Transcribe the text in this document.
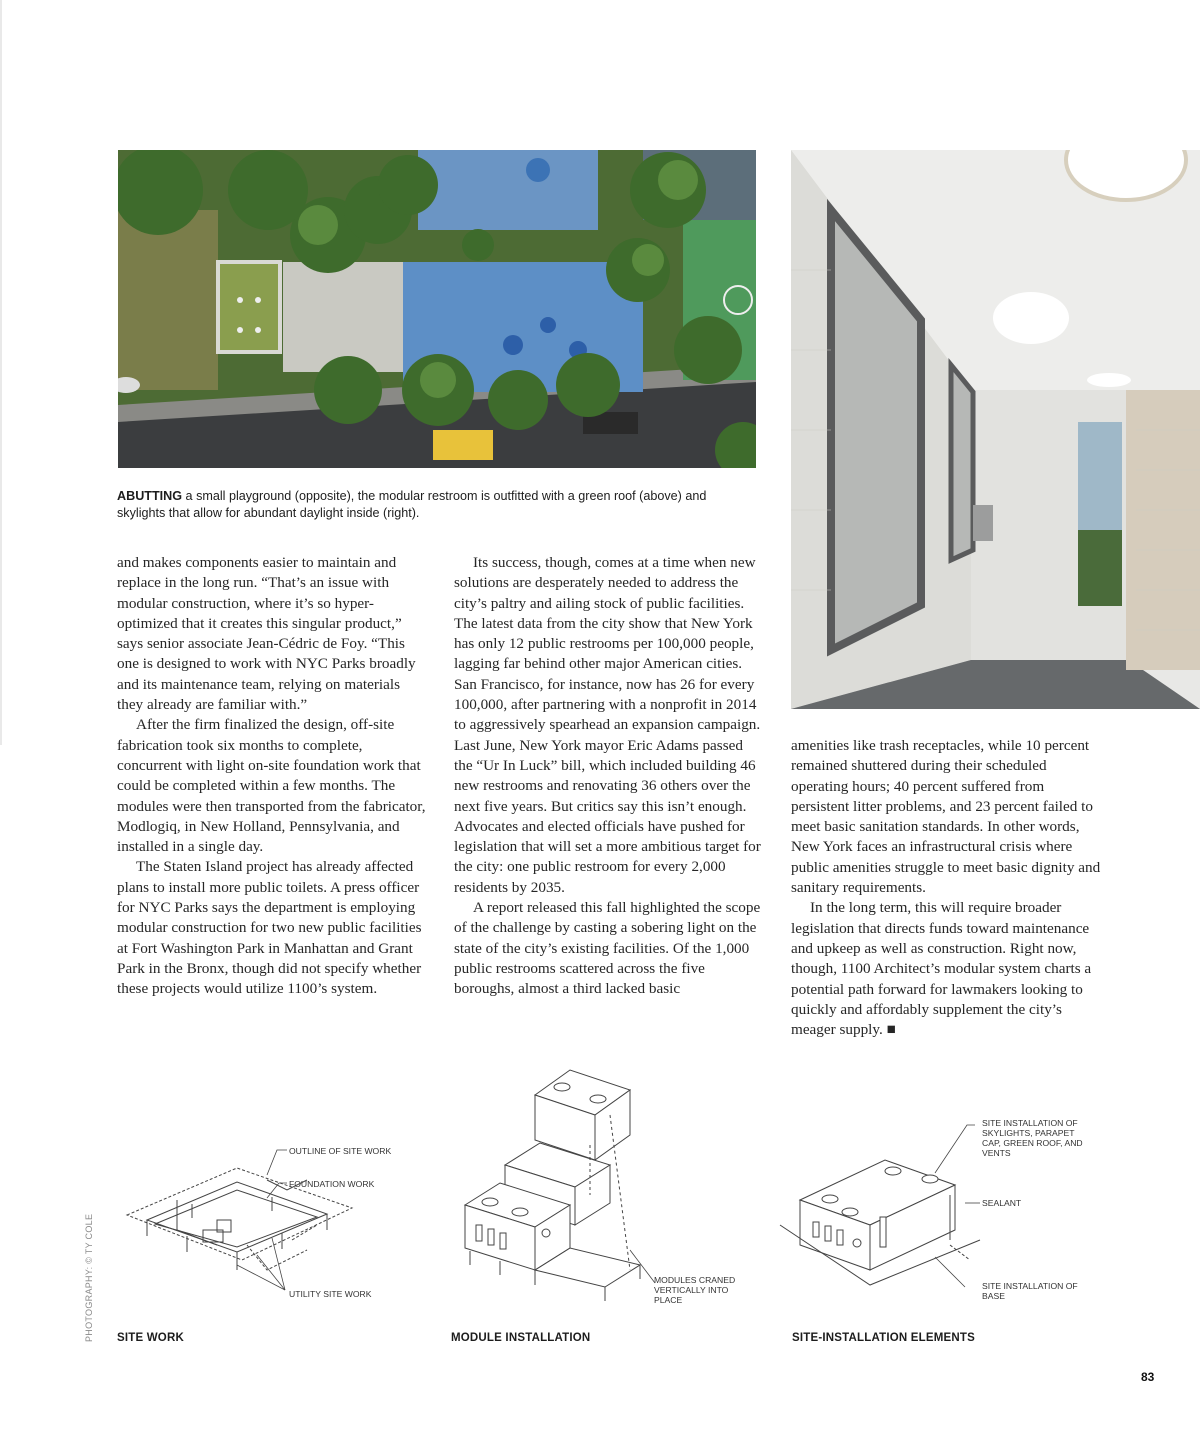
ABUTTING a small playground (opposite), the modular restroom is outfitted with a green roof (above) and skylights that allow for abundant daylight inside (right).

and makes components easier to maintain and replace in the long run. “That’s an issue with modular construction, where it’s so hyper-optimized that it creates this singular product,” says senior associate Jean-Cédric de Foy. “This one is designed to work with NYC Parks broadly and its maintenance team, relying on materials they already are familiar with.”

After the firm finalized the design, off-site fabrication took six months to complete, concurrent with light on-site foundation work that could be completed within a few months. The modules were then transported from the fabricator, Modlogiq, in New Holland, Pennsylvania, and installed in a single day.

The Staten Island project has already affected plans to install more public toilets. A press officer for NYC Parks says the department is employing modular construction for two new public facilities at Fort Washington Park in Manhattan and Grant Park in the Bronx, though did not specify whether these projects would utilize 1100’s system.

Its success, though, comes at a time when new solutions are desperately needed to address the city’s paltry and ailing stock of public facilities. The latest data from the city show that New York has only 12 public restrooms per 100,000 people, lagging far behind other major American cities. San Francisco, for instance, now has 26 for every 100,000, after partnering with a nonprofit in 2014 to aggressively spearhead an expansion campaign. Last June, New York mayor Eric Adams passed the “Ur In Luck” bill, which included building 46 new restrooms and renovating 36 others over the next five years. But critics say this isn’t enough. Advocates and elected officials have pushed for legislation that will set a more ambitious target for the city: one public restroom for every 2,000 residents by 2035.

A report released this fall highlighted the scope of the challenge by casting a sobering light on the state of the city’s existing facilities. Of the 1,000 public restrooms scattered across the five boroughs, almost a third lacked basic

amenities like trash receptacles, while 10 percent remained shuttered during their scheduled operating hours; 40 percent suffered from persistent litter problems, and 23 percent failed to meet basic sanitation standards. In other words, New York faces an infrastructural crisis where public amenities struggle to meet basic dignity and sanitary requirements.

In the long term, this will require broader legislation that directs funds toward maintenance and upkeep as well as construction. Right now, though, 1100 Architect’s modular system charts a potential path forward for lawmakers looking to quickly and affordably supplement the city’s meager supply. ■

OUTLINE OF SITE WORK
FOUNDATION WORK
UTILITY SITE WORK
MODULES CRANED
VERTICALLY INTO
PLACE
SITE INSTALLATION OF
SKYLIGHTS, PARAPET
CAP, GREEN ROOF, AND
VENTS
SEALANT
SITE INSTALLATION OF
BASE
SITE WORK	MODULE INSTALLATION	SITE-INSTALLATION ELEMENTS
PHOTOGRAPHY: © TY COLE
83
